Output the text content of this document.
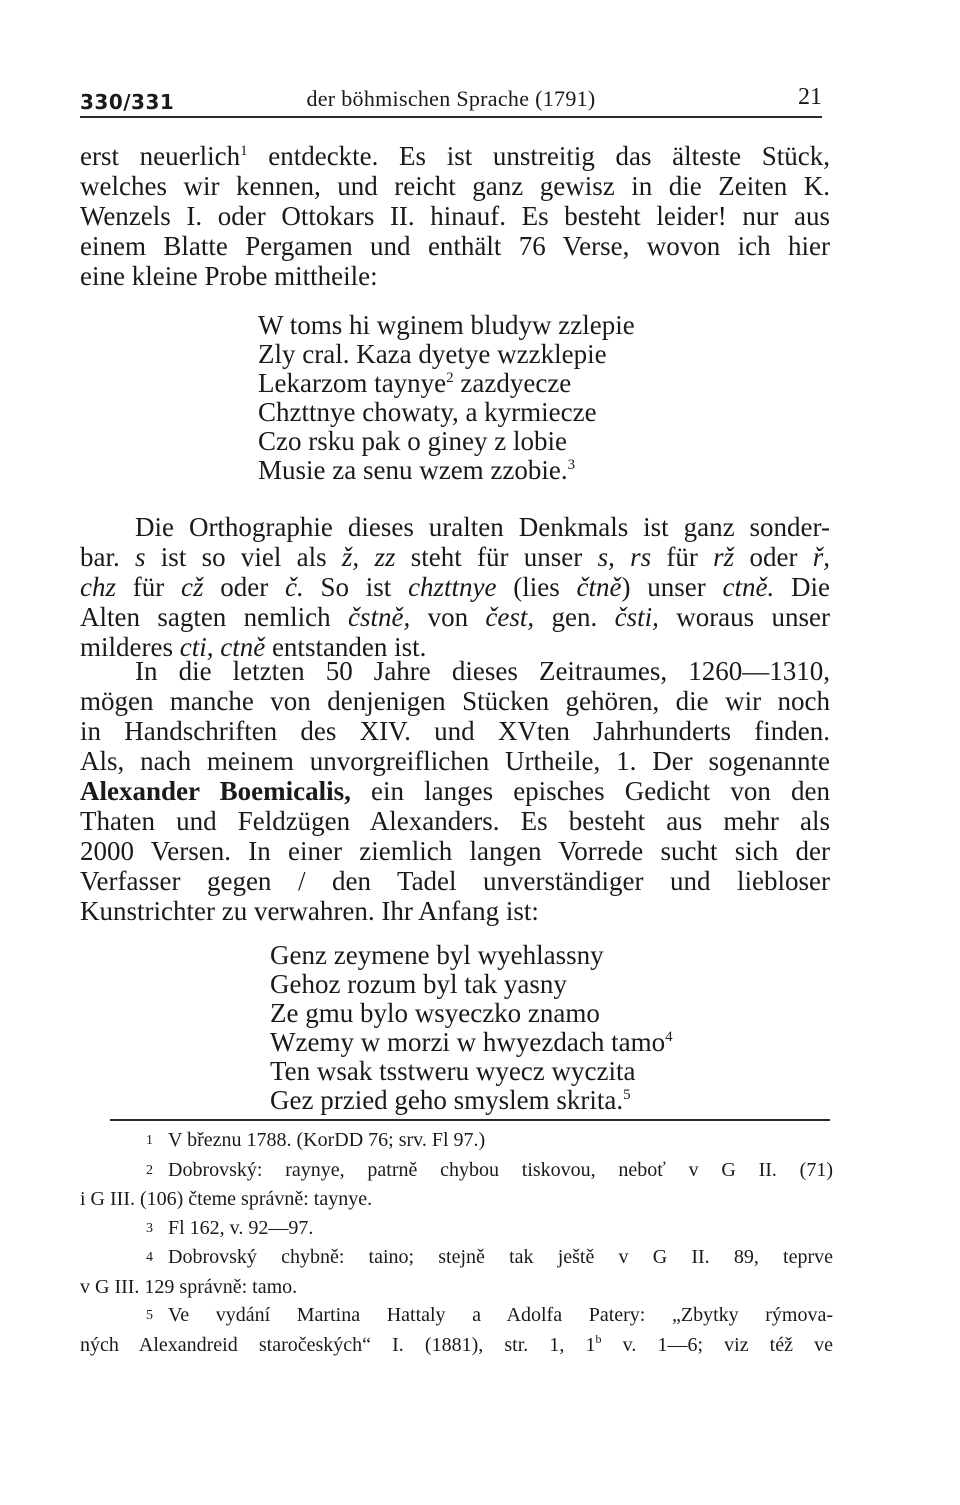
330/331	der böhmischen Sprache (1791)	21
erst neuerlich$^1$ entdeckte. Es ist unstreitig das älteste Stück,
welches wir kennen, und reicht ganz gewisz in die Zeiten K.
Wenzels I. oder Ottokars II. hinauf. Es besteht leider! nur aus
einem Blatte Pergamen und enthält 76 Verse, wovon ich hier
eine kleine Probe mittheile:
W toms hi wginem bludyw zzlepie
Zly cral. Kaza dyetye wzzklepie
Lekarzom taynye$^2$ zazdyecze
Chzttnye chowaty, a kyrmiecze
Czo rsku pak o giney z lobie
Musie za senu wzem zzobie.$^3$
Die Orthographie dieses uralten Denkmals ist ganz sonder-
bar. s ist so viel als ž, zz steht für unser s, rs für rž oder ř,
chz für cž oder č. So ist chzttnye (lies čtně) unser ctně. Die
Alten sagten nemlich čstně, von čest, gen. čsti, woraus unser
milderes cti, ctně entstanden ist.
In die letzten 50 Jahre dieses Zeitraumes, 1260—1310,
mögen manche von denjenigen Stücken gehören, die wir noch
in Handschriften des XIV. und XVten Jahrhunderts finden.
Als, nach meinem unvorgreiflichen Urtheile, 1. Der sogenannte
Alexander Boemicalis, ein langes episches Gedicht von den
Thaten und Feldzügen Alexanders. Es besteht aus mehr als
2000 Versen. In einer ziemlich langen Vorrede sucht sich der
Verfasser gegen / den Tadel unverständiger und liebloser
Kunstrichter zu verwahren. Ihr Anfang ist:
Genz zeymene byl wyehlassny
Gehoz rozum byl tak yasny
Ze gmu bylo wsyeczko znamo
Wzemy w morzi w hwyezdach tamo$^4$
Ten wsak tsstweru wyecz wyczita
Gez przied geho smyslem skrita.$^5$
1 V březnu 1788. (KorDD 76; srv. Fl 97.)
2 Dobrovský: raynye, patrně chybou tiskovou, neboť v G II. (71)
i G III. (106) čteme správně: taynye.
3 Fl 162, v. 92—97.
4 Dobrovský chybně: taino; stejně tak ještě v G II. 89, teprve
v G III. 129 správně: tamo.
5 Ve vydání Martina Hattaly a Adolfa Patery: „Zbytky rýmova-
ných Alexandreid staročeských“ I. (1881), str. 1, 1$^b$ v. 1—6; viz též ve
